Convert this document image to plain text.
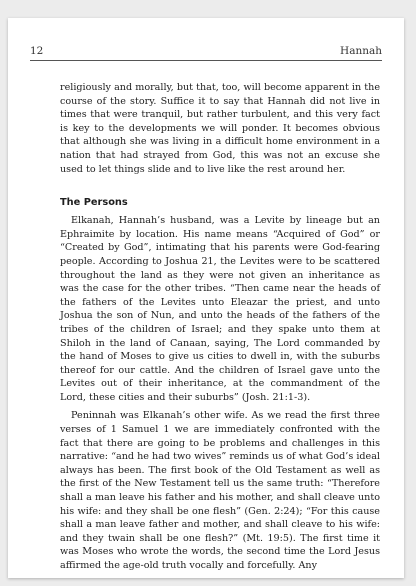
12	Hannah

religiously and morally, but that, too, will become apparent in the course of the story. Suffice it to say that Hannah did not live in times that were tranquil, but rather turbulent, and this very fact is key to the developments we will ponder. It becomes obvious that although she was living in a difficult home environment in a nation that had strayed from God, this was not an excuse she used to let things slide and to live like the rest around her.

The Persons

Elkanah, Hannah’s husband, was a Levite by lineage but an Ephraimite by location. His name means “Acquired of God” or “Created by God”, intimating that his parents were God-fearing people. According to Joshua 21, the Levites were to be scattered throughout the land as they were not given an inheritance as was the case for the other tribes. “Then came near the heads of the fathers of the Levites unto Eleazar the priest, and unto Joshua the son of Nun, and unto the heads of the fathers of the tribes of the children of Israel; and they spake unto them at Shiloh in the land of Canaan, saying, The Lord commanded by the hand of Moses to give us cities to dwell in, with the suburbs thereof for our cattle. And the children of Israel gave unto the Levites out of their inheritance, at the commandment of the Lord, these cities and their suburbs” (Josh. 21:1-3).

Peninnah was Elkanah’s other wife. As we read the first three verses of 1 Samuel 1 we are immediately confronted with the fact that there are going to be problems and challenges in this narrative: “and he had two wives” reminds us of what God’s ideal always has been. The first book of the Old Testament as well as the first of the New Testament tell us the same truth: “Therefore shall a man leave his father and his mother, and shall cleave unto his wife: and they shall be one flesh” (Gen. 2:24); “For this cause shall a man leave father and mother, and shall cleave to his wife: and they twain shall be one flesh?” (Mt. 19:5). The first time it was Moses who wrote the words, the second time the Lord Jesus affirmed the age-old truth vocally and forcefully. Any
